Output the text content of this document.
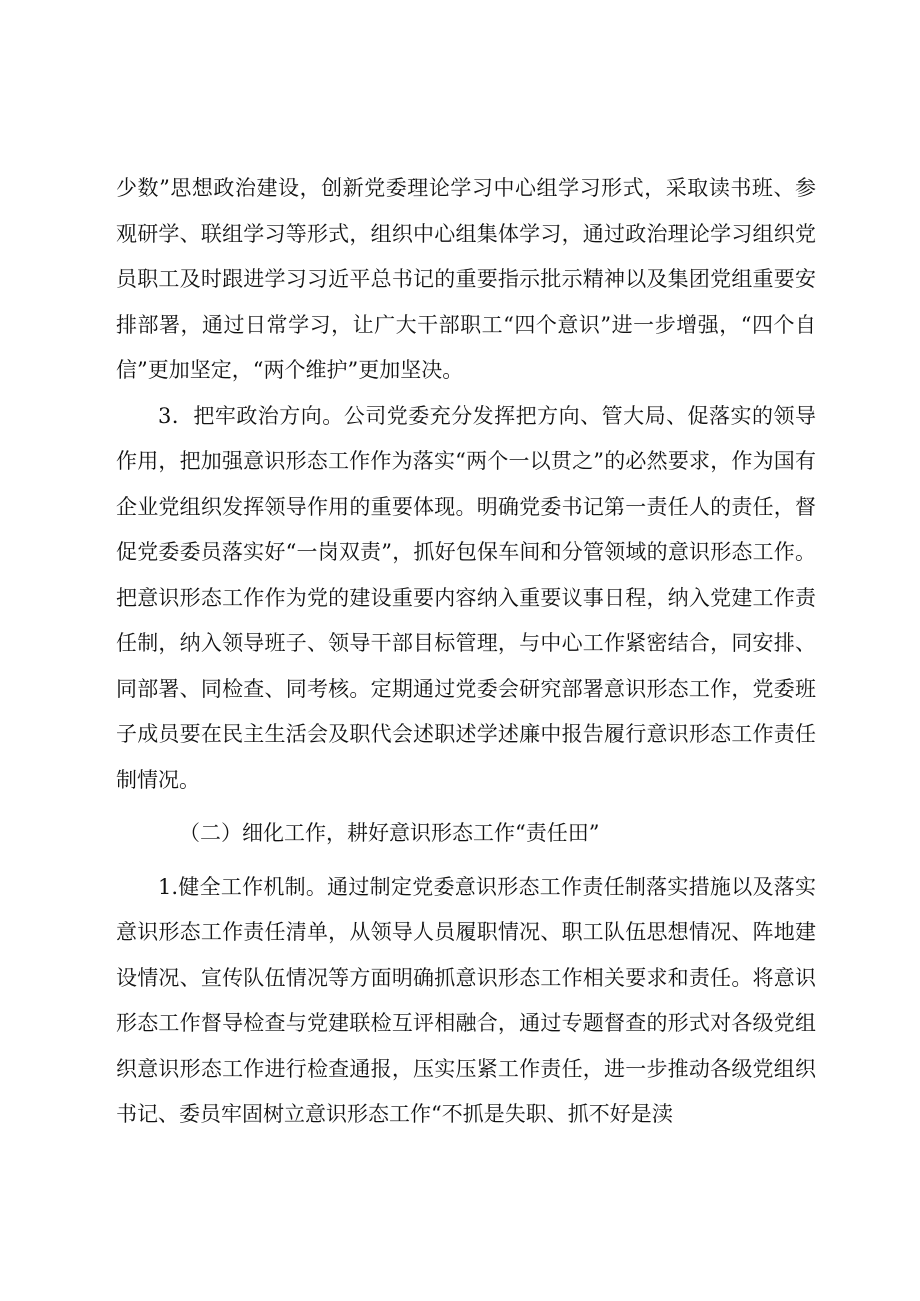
少数”思想政治建设，创新党委理论学习中心组学习形式，采取读书班、参观研学、联组学习等形式，组织中心组集体学习，通过政治理论学习组织党员职工及时跟进学习习近平总书记的重要指示批示精神以及集团党组重要安排部署，通过日常学习，让广大干部职工“四个意识”进一步增强，“四个自信”更加坚定，“两个维护”更加坚决。

3．把牢政治方向。公司党委充分发挥把方向、管大局、促落实的领导作用，把加强意识形态工作作为落实“两个一以贯之”的必然要求，作为国有企业党组织发挥领导作用的重要体现。明确党委书记第一责任人的责任，督促党委委员落实好“一岗双责”，抓好包保车间和分管领域的意识形态工作。把意识形态工作作为党的建设重要内容纳入重要议事日程，纳入党建工作责任制，纳入领导班子、领导干部目标管理，与中心工作紧密结合，同安排、同部署、同检查、同考核。定期通过党委会研究部署意识形态工作，党委班子成员要在民主生活会及职代会述职述学述廉中报告履行意识形态工作责任制情况。

（二）细化工作，耕好意识形态工作“责任田”

1.健全工作机制。通过制定党委意识形态工作责任制落实措施以及落实意识形态工作责任清单，从领导人员履职情况、职工队伍思想情况、阵地建设情况、宣传队伍情况等方面明确抓意识形态工作相关要求和责任。将意识形态工作督导检查与党建联检互评相融合，通过专题督查的形式对各级党组织意识形态工作进行检查通报，压实压紧工作责任，进一步推动各级党组织书记、委员牢固树立意识形态工作“不抓是失职、抓不好是渎
